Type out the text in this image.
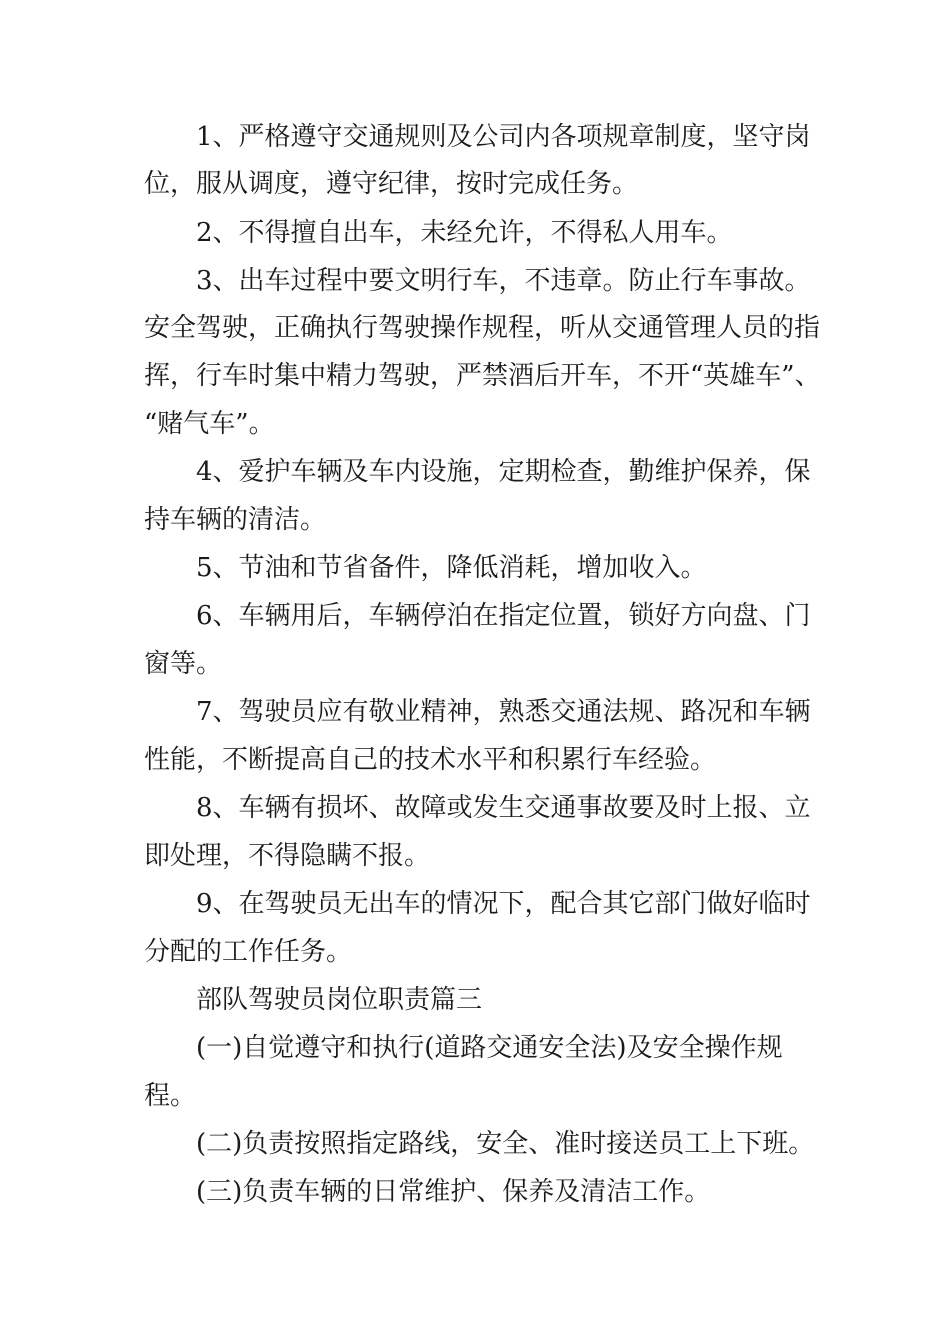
1、严格遵守交通规则及公司内各项规章制度，坚守岗

位，服从调度，遵守纪律，按时完成任务。

2、不得擅自出车，未经允许，不得私人用车。

3、出车过程中要文明行车，不违章。防止行车事故。

安全驾驶，正确执行驾驶操作规程，听从交通管理人员的指

挥，行车时集中精力驾驶，严禁酒后开车，不开“英雄车”、

“赌气车”。

4、爱护车辆及车内设施，定期检查，勤维护保养，保

持车辆的清洁。

5、节油和节省备件，降低消耗，增加收入。

6、车辆用后，车辆停泊在指定位置，锁好方向盘、门

窗等。

7、驾驶员应有敬业精神，熟悉交通法规、路况和车辆

性能，不断提高自己的技术水平和积累行车经验。

8、车辆有损坏、故障或发生交通事故要及时上报、立

即处理，不得隐瞒不报。

9、在驾驶员无出车的情况下，配合其它部门做好临时

分配的工作任务。

部队驾驶员岗位职责篇三

(一)自觉遵守和执行(道路交通安全法)及安全操作规

程。

(二)负责按照指定路线，安全、准时接送员工上下班。

(三)负责车辆的日常维护、保养及清洁工作。
